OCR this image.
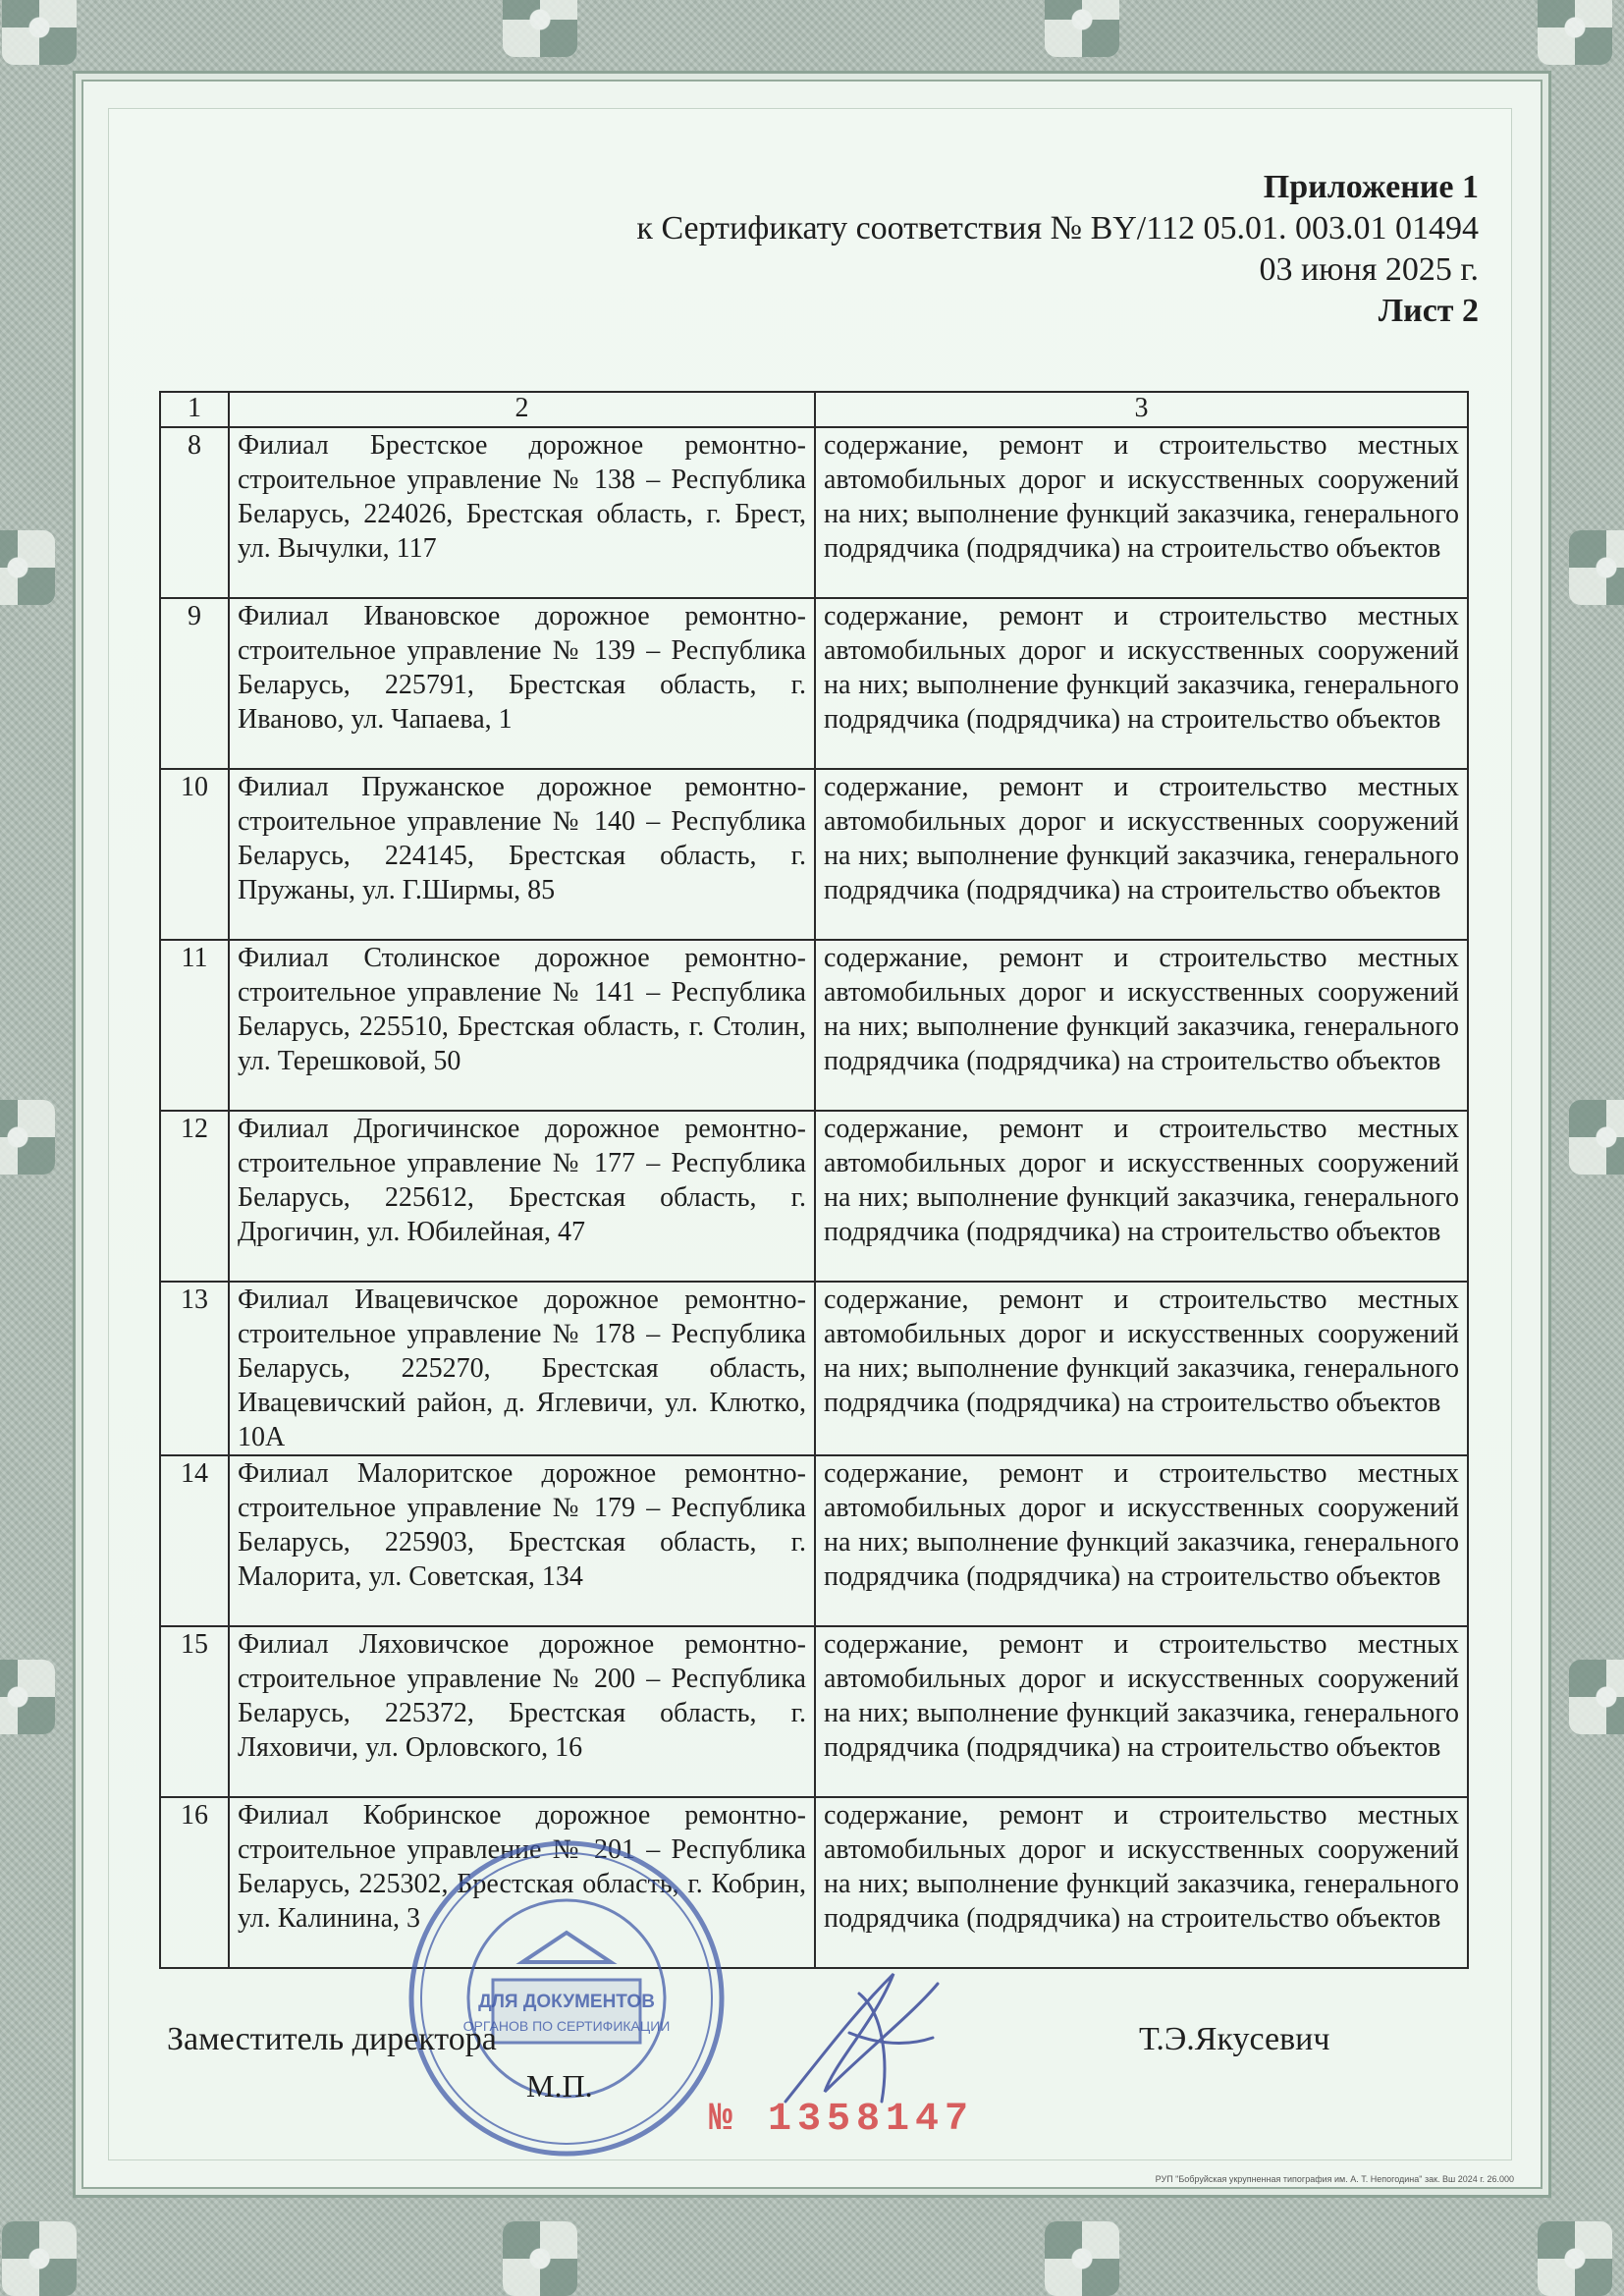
Приложение 1
к Сертификату соответствия № BY/112 05.01. 003.01 01494
03 июня 2025 г.
Лист 2
1	2	3
8	Филиал Брестское дорожное ремонтно-строительное управление № 138 – Республика Беларусь, 224026, Брестская область, г. Брест, ул. Вычулки, 117	содержание, ремонт и строительство местных автомобильных дорог и искусственных сооружений на них; выполнение функций заказчика, генерального подрядчика (подрядчика) на строительство объектов
9	Филиал Ивановское дорожное ремонтно-строительное управление № 139 – Республика Беларусь, 225791, Брестская область, г. Иваново, ул. Чапаева, 1	содержание, ремонт и строительство местных автомобильных дорог и искусственных сооружений на них; выполнение функций заказчика, генерального подрядчика (подрядчика) на строительство объектов
10	Филиал Пружанское дорожное ремонтно-строительное управление № 140 – Республика Беларусь, 224145, Брестская область, г. Пружаны, ул. Г.Ширмы, 85	содержание, ремонт и строительство местных автомобильных дорог и искусственных сооружений на них; выполнение функций заказчика, генерального подрядчика (подрядчика) на строительство объектов
11	Филиал Столинское дорожное ремонтно-строительное управление № 141 – Республика Беларусь, 225510, Брестская область, г. Столин, ул. Терешковой, 50	содержание, ремонт и строительство местных автомобильных дорог и искусственных сооружений на них; выполнение функций заказчика, генерального подрядчика (подрядчика) на строительство объектов
12	Филиал Дрогичинское дорожное ремонтно-строительное управление № 177 – Республика Беларусь, 225612, Брестская область, г. Дрогичин, ул. Юбилейная, 47	содержание, ремонт и строительство местных автомобильных дорог и искусственных сооружений на них; выполнение функций заказчика, генерального подрядчика (подрядчика) на строительство объектов
13	Филиал Ивацевичское дорожное ремонтно-строительное управление № 178 – Республика Беларусь, 225270, Брестская область, Ивацевичский район, д. Яглевичи, ул. Клютко, 10А	содержание, ремонт и строительство местных автомобильных дорог и искусственных сооружений на них; выполнение функций заказчика, генерального подрядчика (подрядчика) на строительство объектов
14	Филиал Малоритское дорожное ремонтно-строительное управление № 179 – Республика Беларусь, 225903, Брестская область, г. Малорита, ул. Советская, 134	содержание, ремонт и строительство местных автомобильных дорог и искусственных сооружений на них; выполнение функций заказчика, генерального подрядчика (подрядчика) на строительство объектов
15	Филиал Ляховичское дорожное ремонтно-строительное управление № 200 – Республика Беларусь, 225372, Брестская область, г. Ляховичи, ул. Орловского, 16	содержание, ремонт и строительство местных автомобильных дорог и искусственных сооружений на них; выполнение функций заказчика, генерального подрядчика (подрядчика) на строительство объектов
16	Филиал Кобринское дорожное ремонтно-строительное управление № 201 – Республика Беларусь, 225302, Брестская область, г. Кобрин, ул. Калинина, 3	содержание, ремонт и строительство местных автомобильных дорог и искусственных сооружений на них; выполнение функций заказчика, генерального подрядчика (подрядчика) на строительство объектов
ДЛЯ ДОКУМЕНТОВ
ОРГАНОВ ПО СЕРТИФИКАЦИИ
Заместитель директора
М.П.
Т.Э.Якусевич
№ 1358147
РУП "Бобруйская укрупненная типография им. А. Т. Непогодина" зак. Вш 2024 г. 26.000
